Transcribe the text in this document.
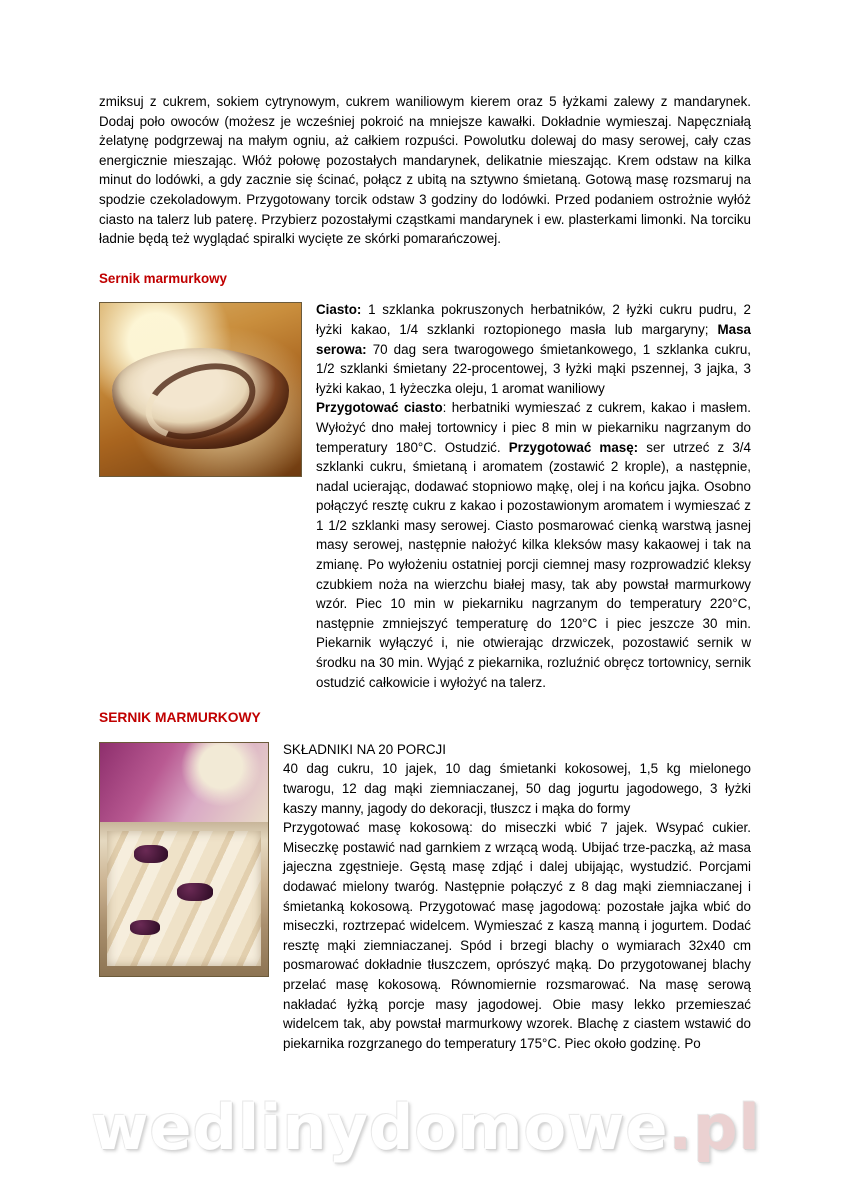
zmiksuj z cukrem, sokiem cytrynowym, cukrem waniliowym kierem oraz 5 łyżkami zalewy z mandarynek. Dodaj poło owoców (możesz je wcześniej pokroić na mniejsze kawałki. Dokładnie wymieszaj. Napęczniałą żelatynę podgrzewaj na małym ogniu, aż całkiem rozpuści. Powolutku dolewaj do masy serowej, cały czas energicznie mieszając. Włóż połowę pozostałych mandarynek, delikatnie mieszając. Krem odstaw na kilka minut do lodówki, a gdy zacznie się ścinać, połącz z ubitą na sztywno śmietaną. Gotową masę rozsmaruj na spodzie czekoladowym. Przygotowany torcik odstaw 3 godziny do lodówki. Przed podaniem ostrożnie wyłóż ciasto na talerz lub paterę. Przybierz pozostałymi cząstkami mandarynek i ew. plasterkami limonki. Na torciku ładnie będą też wyglądać spiralki wycięte ze skórki pomarańczowej.

Sernik marmurkowy

Ciasto: 1 szklanka pokruszonych herbatników, 2 łyżki cukru pudru, 2 łyżki kakao, 1/4 szklanki roztopionego masła lub margaryny; Masa serowa: 70 dag sera twarogowego śmietankowego, 1 szklanka cukru, 1/2 szklanki śmietany 22-procentowej, 3 łyżki mąki pszennej, 3 jajka, 3 łyżki kakao, 1 łyżeczka oleju, 1 aromat waniliowy

Przygotować ciasto: herbatniki wymieszać z cukrem, kakao i masłem. Wyłożyć dno małej tortownicy i piec 8 min w piekarniku nagrzanym do temperatury 180°C. Ostudzić. Przygotować masę: ser utrzeć z 3/4 szklanki cukru, śmietaną i aromatem (zostawić 2 krople), a następnie, nadal ucierając, dodawać stopniowo mąkę, olej i na końcu jajka. Osobno połączyć resztę cukru z kakao i pozostawionym aromatem i wymieszać z 1 1/2 szklanki masy serowej. Ciasto posmarować cienką warstwą jasnej masy serowej, następnie nałożyć kilka kleksów masy kakaowej i tak na zmianę. Po wyłożeniu ostatniej porcji ciemnej masy rozprowadzić kleksy czubkiem noża na wierzchu białej masy, tak aby powstał marmurkowy wzór. Piec 10 min w piekarniku nagrzanym do temperatury 220°C, następnie zmniejszyć temperaturę do 120°C i piec jeszcze 30 min. Piekarnik wyłączyć i, nie otwierając drzwiczek, pozostawić sernik w środku na 30 min. Wyjąć z piekarnika, rozluźnić obręcz tortownicy, sernik ostudzić całkowicie i wyłożyć na talerz.

SERNIK MARMURKOWY

SKŁADNIKI NA 20 PORCJI

40 dag cukru, 10 jajek, 10 dag śmietanki kokosowej, 1,5 kg mielonego twarogu, 12 dag mąki ziemniaczanej, 50 dag jogurtu jagodowego, 3 łyżki kaszy manny, jagody do dekoracji, tłuszcz i mąka do formy

Przygotować masę kokosową: do miseczki wbić 7 jajek. Wsypać cukier. Miseczkę postawić nad garnkiem z wrzącą wodą. Ubijać trze-paczką, aż masa jajeczna zgęstnieje. Gęstą masę zdjąć i dalej ubijając, wystudzić. Porcjami dodawać mielony twaróg. Następnie połączyć z 8 dag mąki ziemniaczanej i śmietanką kokosową. Przygotować masę jagodową: pozostałe jajka wbić do miseczki, roztrzepać widelcem. Wymieszać z kaszą manną i jogurtem. Dodać resztę mąki ziemniaczanej. Spód i brzegi blachy o wymiarach 32x40 cm posmarować dokładnie tłuszczem, oprószyć mąką. Do przygotowanej blachy przelać masę kokosową. Równomiernie rozsmarować. Na masę serową nakładać łyżką porcje masy jagodowej. Obie masy lekko przemieszać widelcem tak, aby powstał marmurkowy wzorek. Blachę z ciastem wstawić do piekarnika rozgrzanego do temperatury 175°C. Piec około godzinę. Po

wedliny domowe .pl
